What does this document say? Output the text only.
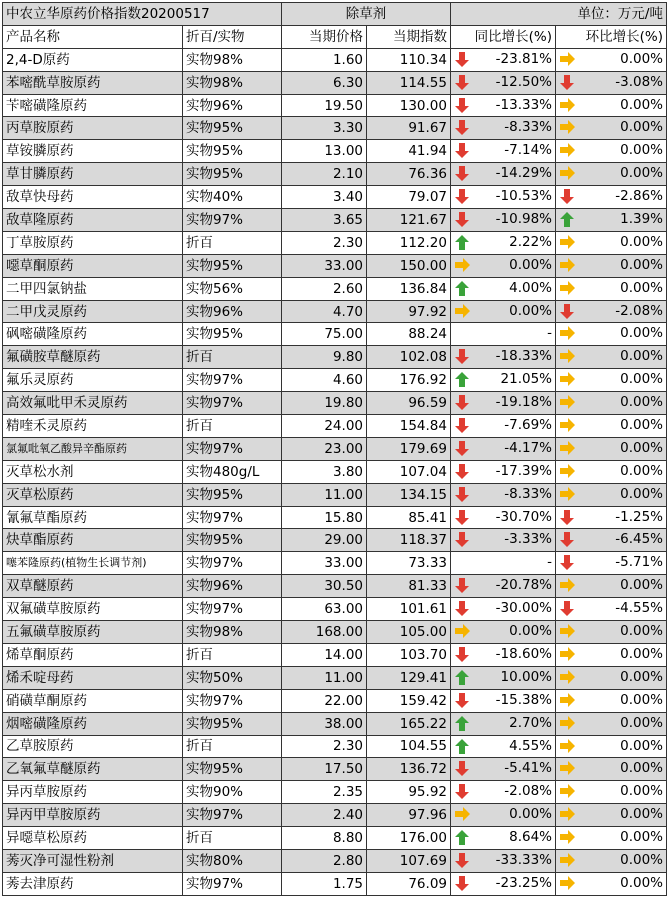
中农立华原药价格指数20200517		除草剂		单位：万元/吨	
产品名称	折百/实物	当期价格	当期指数	同比增长(%)	环比增长(%)
2,4-D原药	实物98%	1.60	110.34	-23.81%	0.00%

苯嘧酰草胺原药	实物98%	6.30	114.55	-12.50%	-3.08%

苄嘧磺隆原药	实物96%	19.50	130.00	-13.33%	0.00%

丙草胺原药	实物95%	3.30	91.67	-8.33%	0.00%

草铵膦原药	实物95%	13.00	41.94	-7.14%	0.00%

草甘膦原药	实物95%	2.10	76.36	-14.29%	0.00%

敌草快母药	实物40%	3.40	79.07	-10.53%	-2.86%

敌草隆原药	实物97%	3.65	121.67	-10.98%	1.39%

丁草胺原药	折百	2.30	112.20	2.22%	0.00%

噁草酮原药	实物95%	33.00	150.00	0.00%	0.00%

二甲四氯钠盐	实物56%	2.60	136.84	4.00%	0.00%

二甲戊灵原药	实物96%	4.70	97.92	0.00%	-2.08%

砜嘧磺隆原药	实物95%	75.00	88.24	-	0.00%

氟磺胺草醚原药	折百	9.80	102.08	-18.33%	0.00%

氟乐灵原药	实物97%	4.60	176.92	21.05%	0.00%

高效氟吡甲禾灵原药	实物97%	19.80	96.59	-19.18%	0.00%

精喹禾灵原药	折百	24.00	154.84	-7.69%	0.00%

氯氟吡氧乙酸异辛酯原药	实物97%	23.00	179.69	-4.17%	0.00%

灭草松水剂	实物480g/L	3.80	107.04	-17.39%	0.00%

灭草松原药	实物95%	11.00	134.15	-8.33%	0.00%

氰氟草酯原药	实物97%	15.80	85.41	-30.70%	-1.25%

炔草酯原药	实物95%	29.00	118.37	-3.33%	-6.45%

噻苯隆原药(植物生长调节剂)	实物97%	33.00	73.33	-	-5.71%

双草醚原药	实物96%	30.50	81.33	-20.78%	0.00%

双氟磺草胺原药	实物97%	63.00	101.61	-30.00%	-4.55%

五氟磺草胺原药	实物98%	168.00	105.00	0.00%	0.00%

烯草酮原药	折百	14.00	103.70	-18.60%	0.00%

烯禾啶母药	实物50%	11.00	129.41	10.00%	0.00%

硝磺草酮原药	实物97%	22.00	159.42	-15.38%	0.00%

烟嘧磺隆原药	实物95%	38.00	165.22	2.70%	0.00%

乙草胺原药	折百	2.30	104.55	4.55%	0.00%

乙氧氟草醚原药	实物95%	17.50	136.72	-5.41%	0.00%

异丙草胺原药	实物90%	2.35	95.92	-2.08%	0.00%

异丙甲草胺原药	实物97%	2.40	97.96	0.00%	0.00%

异噁草松原药	折百	8.80	176.00	8.64%	0.00%

莠灭净可湿性粉剂	实物80%	2.80	107.69	-33.33%	0.00%

莠去津原药	实物97%	1.75	76.09	-23.25%	0.00%
